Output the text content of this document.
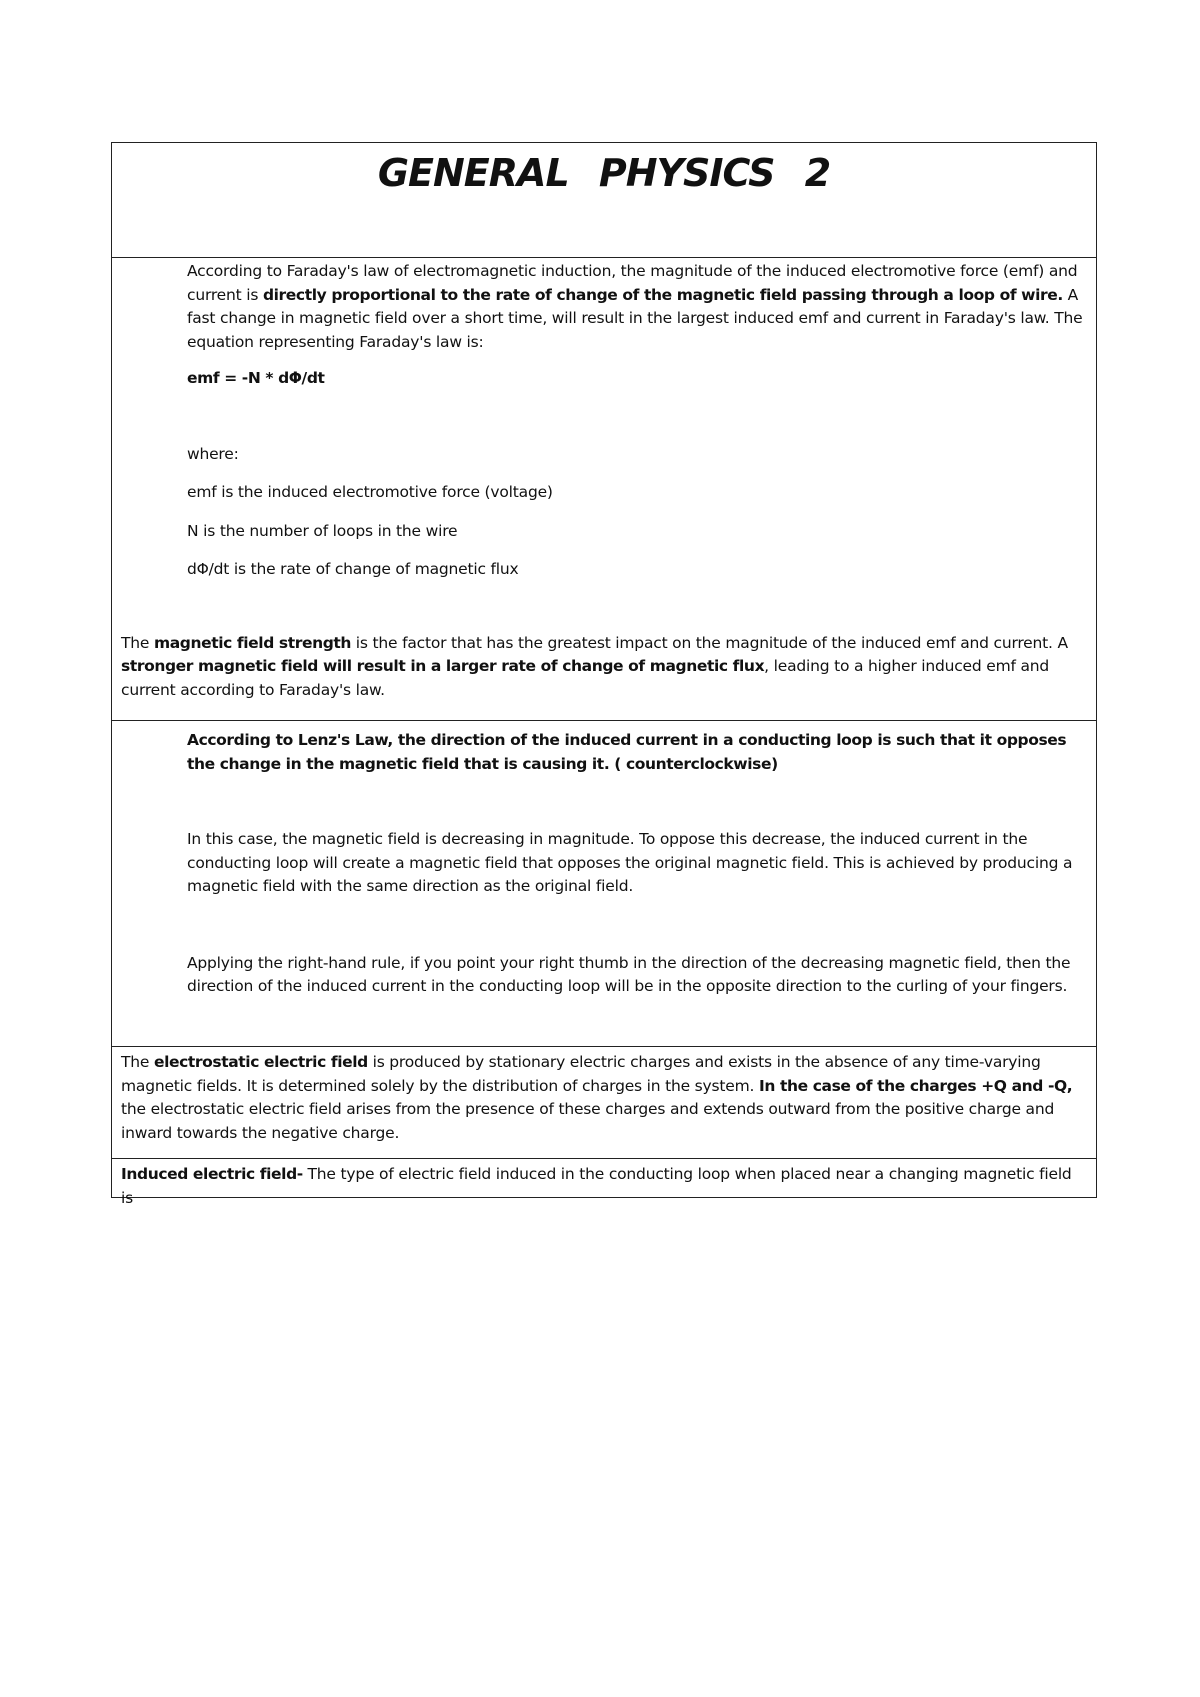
GENERAL PHYSICS 2

According to Faraday's law of electromagnetic induction, the magnitude of the induced electromotive force (emf) and current is directly proportional to the rate of change of the magnetic field passing through a loop of wire. A fast change in magnetic field over a short time, will result in the largest induced emf and current in Faraday's law. The equation representing Faraday's law is:

emf = -N * dΦ/dt

where:

emf is the induced electromotive force (voltage)

N is the number of loops in the wire

dΦ/dt is the rate of change of magnetic flux

The magnetic field strength is the factor that has the greatest impact on the magnitude of the induced emf and current. A stronger magnetic field will result in a larger rate of change of magnetic flux, leading to a higher induced emf and current according to Faraday's law.

According to Lenz's Law, the direction of the induced current in a conducting loop is such that it opposes the change in the magnetic field that is causing it. ( counterclockwise)

In this case, the magnetic field is decreasing in magnitude. To oppose this decrease, the induced current in the conducting loop will create a magnetic field that opposes the original magnetic field. This is achieved by producing a magnetic field with the same direction as the original field.

Applying the right-hand rule, if you point your right thumb in the direction of the decreasing magnetic field, then the direction of the induced current in the conducting loop will be in the opposite direction to the curling of your fingers.

The electrostatic electric field is produced by stationary electric charges and exists in the absence of any time-varying magnetic fields. It is determined solely by the distribution of charges in the system. In the case of the charges +Q and -Q, the electrostatic electric field arises from the presence of these charges and extends outward from the positive charge and inward towards the negative charge.

Induced electric field- The type of electric field induced in the conducting loop when placed near a changing magnetic field is
